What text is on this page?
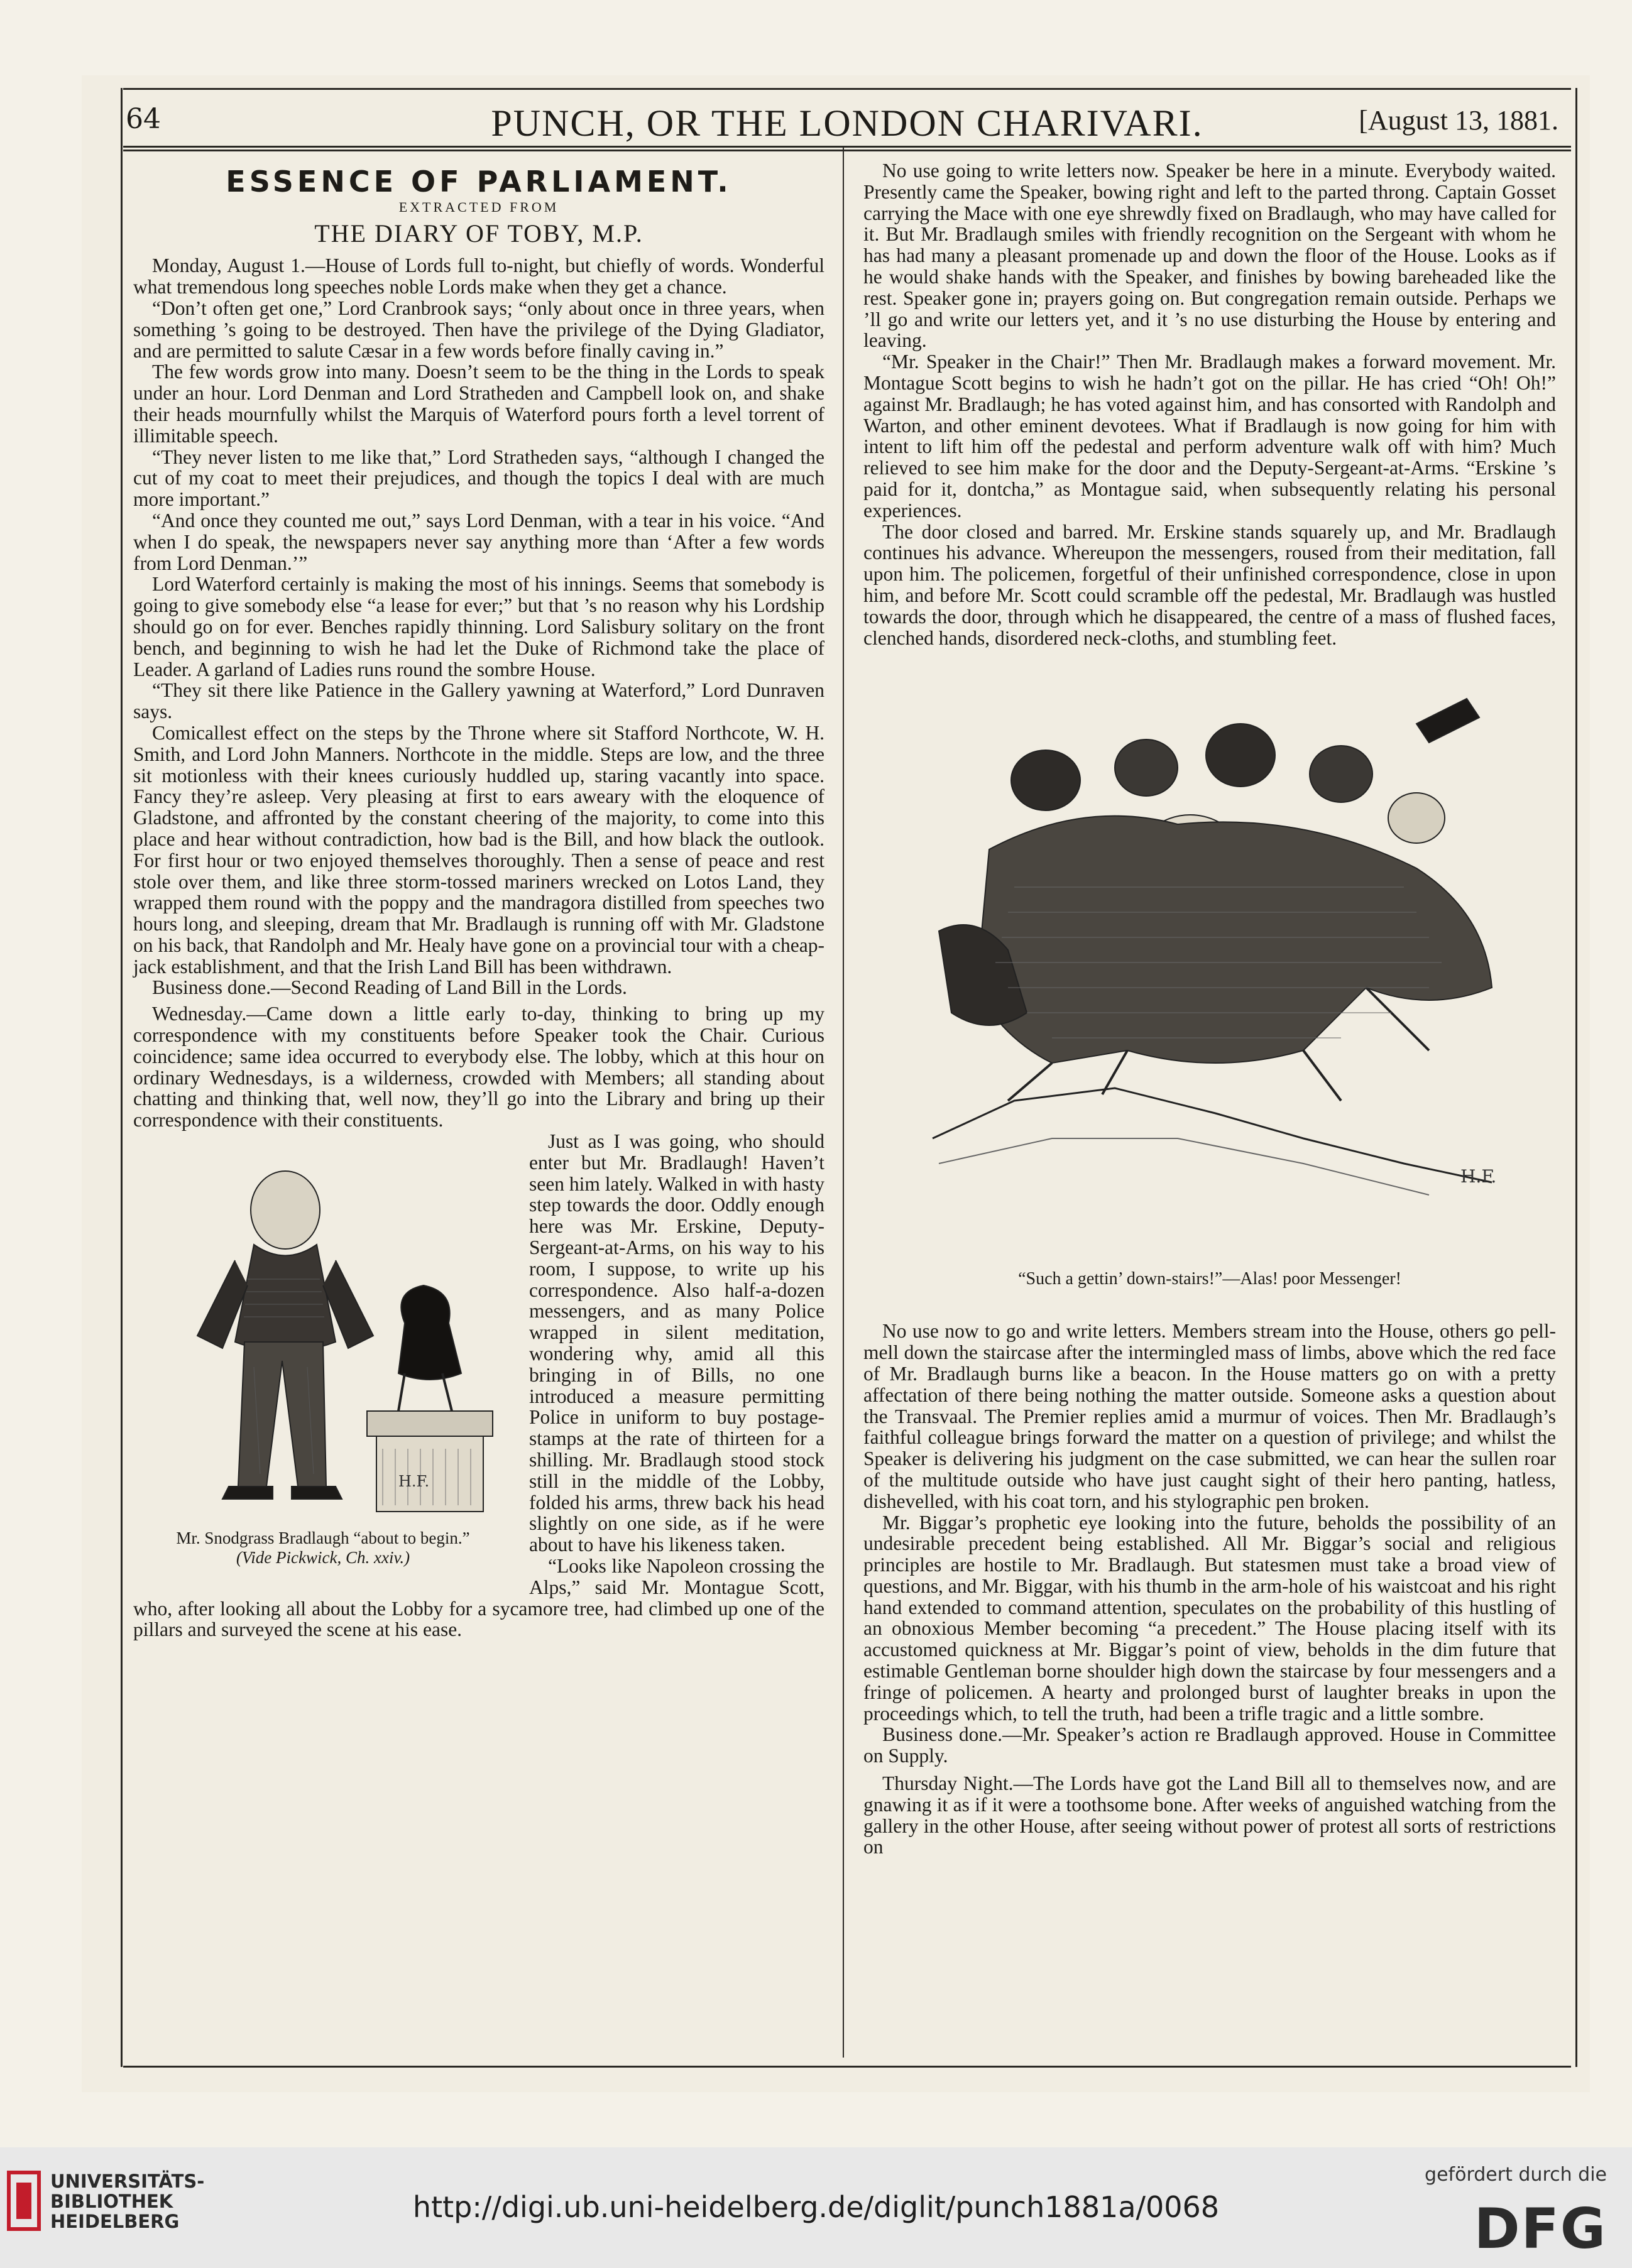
64	PUNCH, OR THE LONDON CHARIVARI.	[August 13, 1881.
ESSENCE OF PARLIAMENT.
EXTRACTED FROM
THE DIARY OF TOBY, M.P.

Monday, August 1.—House of Lords full to-night, but chiefly of words. Wonderful what tremendous long speeches noble Lords make when they get a chance.

“Don’t often get one,” Lord Cranbrook says; “only about once in three years, when something ’s going to be destroyed. Then have the privilege of the Dying Gladiator, and are permitted to salute Cæsar in a few words before finally caving in.”

The few words grow into many. Doesn’t seem to be the thing in the Lords to speak under an hour. Lord Denman and Lord Stratheden and Campbell look on, and shake their heads mournfully whilst the Marquis of Waterford pours forth a level torrent of illimitable speech.

“They never listen to me like that,” Lord Stratheden says, “although I changed the cut of my coat to meet their prejudices, and though the topics I deal with are much more important.”

“And once they counted me out,” says Lord Denman, with a tear in his voice. “And when I do speak, the newspapers never say anything more than ‘After a few words from Lord Denman.’”

Lord Waterford certainly is making the most of his innings. Seems that somebody is going to give somebody else “a lease for ever;” but that ’s no reason why his Lordship should go on for ever. Benches rapidly thinning. Lord Salisbury solitary on the front bench, and beginning to wish he had let the Duke of Richmond take the place of Leader. A garland of Ladies runs round the sombre House.

“They sit there like Patience in the Gallery yawning at Waterford,” Lord Dunraven says.

Comicallest effect on the steps by the Throne where sit Stafford Northcote, W. H. Smith, and Lord John Manners. Northcote in the middle. Steps are low, and the three sit motionless with their knees curiously huddled up, staring vacantly into space. Fancy they’re asleep. Very pleasing at first to ears aweary with the eloquence of Gladstone, and affronted by the constant cheering of the majority, to come into this place and hear without contradiction, how bad is the Bill, and how black the outlook. For first hour or two enjoyed themselves thoroughly. Then a sense of peace and rest stole over them, and like three storm-tossed mariners wrecked on Lotos Land, they wrapped them round with the poppy and the mandragora distilled from speeches two hours long, and sleeping, dream that Mr. Bradlaugh is running off with Mr. Gladstone on his back, that Randolph and Mr. Healy have gone on a provincial tour with a cheap-jack establishment, and that the Irish Land Bill has been withdrawn.

Business done.—Second Reading of Land Bill in the Lords.

Wednesday.—Came down a little early to-day, thinking to bring up my correspondence with my constituents before Speaker took the Chair. Curious coincidence; same idea occurred to everybody else. The lobby, which at this hour on ordinary Wednesdays, is a wilderness, crowded with Members; all standing about chatting and thinking that, well now, they’ll go into the Library and bring up their correspondence with their constituents.

H.F.
Mr. Snodgrass Bradlaugh “about to begin.”
(Vide Pickwick, Ch. xxiv.)

Just as I was going, who should enter but Mr. Bradlaugh! Haven’t seen him lately. Walked in with hasty step towards the door. Oddly enough here was Mr. Erskine, Deputy-Sergeant-at-Arms, on his way to his room, I suppose, to write up his correspondence. Also half-a-dozen messengers, and as many Police wrapped in silent meditation, wondering why, amid all this bringing in of Bills, no one introduced a measure permitting Police in uniform to buy postage-stamps at the rate of thirteen for a shilling. Mr. Bradlaugh stood stock still in the middle of the Lobby, folded his arms, threw back his head slightly on one side, as if he were about to have his likeness taken.

“Looks like Napoleon crossing the Alps,” said Mr. Montague Scott, who, after looking all about the Lobby for a sycamore tree, had climbed up one of the pillars and surveyed the scene at his ease.

No use going to write letters now. Speaker be here in a minute. Everybody waited. Presently came the Speaker, bowing right and left to the parted throng. Captain Gosset carrying the Mace with one eye shrewdly fixed on Bradlaugh, who may have called for it. But Mr. Bradlaugh smiles with friendly recognition on the Sergeant with whom he has had many a pleasant promenade up and down the floor of the House. Looks as if he would shake hands with the Speaker, and finishes by bowing bareheaded like the rest. Speaker gone in; prayers going on. But congregation remain outside. Perhaps we ’ll go and write our letters yet, and it ’s no use disturbing the House by entering and leaving.

“Mr. Speaker in the Chair!” Then Mr. Bradlaugh makes a forward movement. Mr. Montague Scott begins to wish he hadn’t got on the pillar. He has cried “Oh! Oh!” against Mr. Bradlaugh; he has voted against him, and has consorted with Randolph and Warton, and other eminent devotees. What if Bradlaugh is now going for him with intent to lift him off the pedestal and perform adventure walk off with him? Much relieved to see him make for the door and the Deputy-Sergeant-at-Arms. “Erskine ’s paid for it, dontcha,” as Montague said, when subsequently relating his personal experiences.

The door closed and barred. Mr. Erskine stands squarely up, and Mr. Bradlaugh continues his advance. Whereupon the messengers, roused from their meditation, fall upon him. The policemen, forgetful of their unfinished correspondence, close in upon him, and before Mr. Scott could scramble off the pedestal, Mr. Bradlaugh was hustled towards the door, through which he disappeared, the centre of a mass of flushed faces, clenched hands, disordered neck-cloths, and stumbling feet.

H.F.
“Such a gettin’ down-stairs!”—Alas! poor Messenger!

No use now to go and write letters. Members stream into the House, others go pell-mell down the staircase after the intermingled mass of limbs, above which the red face of Mr. Bradlaugh burns like a beacon. In the House matters go on with a pretty affectation of there being nothing the matter outside. Someone asks a question about the Transvaal. The Premier replies amid a murmur of voices. Then Mr. Bradlaugh’s faithful colleague brings forward the matter on a question of privilege; and whilst the Speaker is delivering his judgment on the case submitted, we can hear the sullen roar of the multitude outside who have just caught sight of their hero panting, hatless, dishevelled, with his coat torn, and his stylographic pen broken.

Mr. Biggar’s prophetic eye looking into the future, beholds the possibility of an undesirable precedent being established. All Mr. Biggar’s social and religious principles are hostile to Mr. Bradlaugh. But statesmen must take a broad view of questions, and Mr. Biggar, with his thumb in the arm-hole of his waistcoat and his right hand extended to command attention, speculates on the probability of this hustling of an obnoxious Member becoming “a precedent.” The House placing itself with its accustomed quickness at Mr. Biggar’s point of view, beholds in the dim future that estimable Gentleman borne shoulder high down the staircase by four messengers and a fringe of policemen. A hearty and prolonged burst of laughter breaks in upon the proceedings which, to tell the truth, had been a trifle tragic and a little sombre.

Business done.—Mr. Speaker’s action re Bradlaugh approved. House in Committee on Supply.

Thursday Night.—The Lords have got the Land Bill all to themselves now, and are gnawing it as if it were a toothsome bone. After weeks of anguished watching from the gallery in the other House, after seeing without power of protest all sorts of restrictions on

UNIVERSITÄTS-
BIBLIOTHEK
HEIDELBERG	http://digi.ub.uni-heidelberg.de/diglit/punch1881a/0068
gefördert durch die
DFG
